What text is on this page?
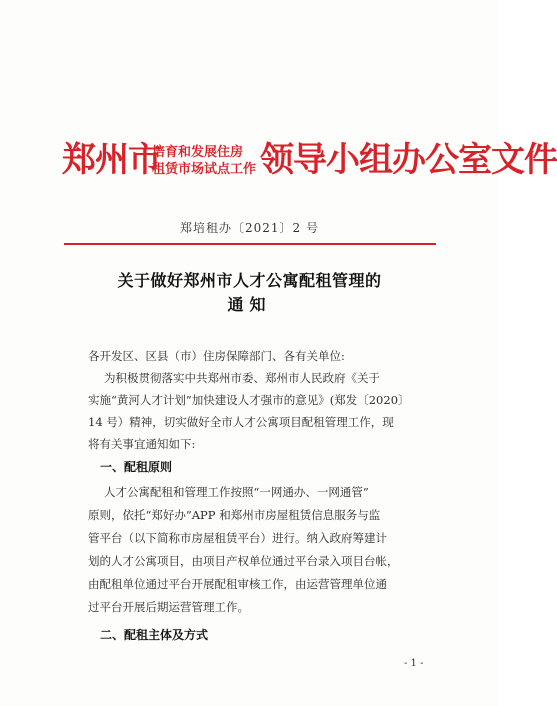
郑州市
培育和发展住房
租赁市场试点工作 领导小组办公室文件
郑培租办〔2021〕2 号
关于做好郑州市人才公寓配租管理的
通知
各开发区、区县（市）住房保障部门、各有关单位:
为积极贯彻落实中共郑州市委、郑州市人民政府《关于
实施“黄河人才计划”加快建设人才强市的意见》(郑发〔2020〕
14 号）精神，切实做好全市人才公寓项目配租管理工作，现
将有关事宜通知如下:
一、配租原则
人才公寓配租和管理工作按照“一网通办、一网通管”
原则，依托“郑好办”APP 和郑州市房屋租赁信息服务与监
管平台（以下简称市房屋租赁平台）进行。纳入政府筹建计
划的人才公寓项目，由项目产权单位通过平台录入项目台帐，
由配租单位通过平台开展配租审核工作，由运营管理单位通
过平台开展后期运营管理工作。
二、配租主体及方式
- 1 -
